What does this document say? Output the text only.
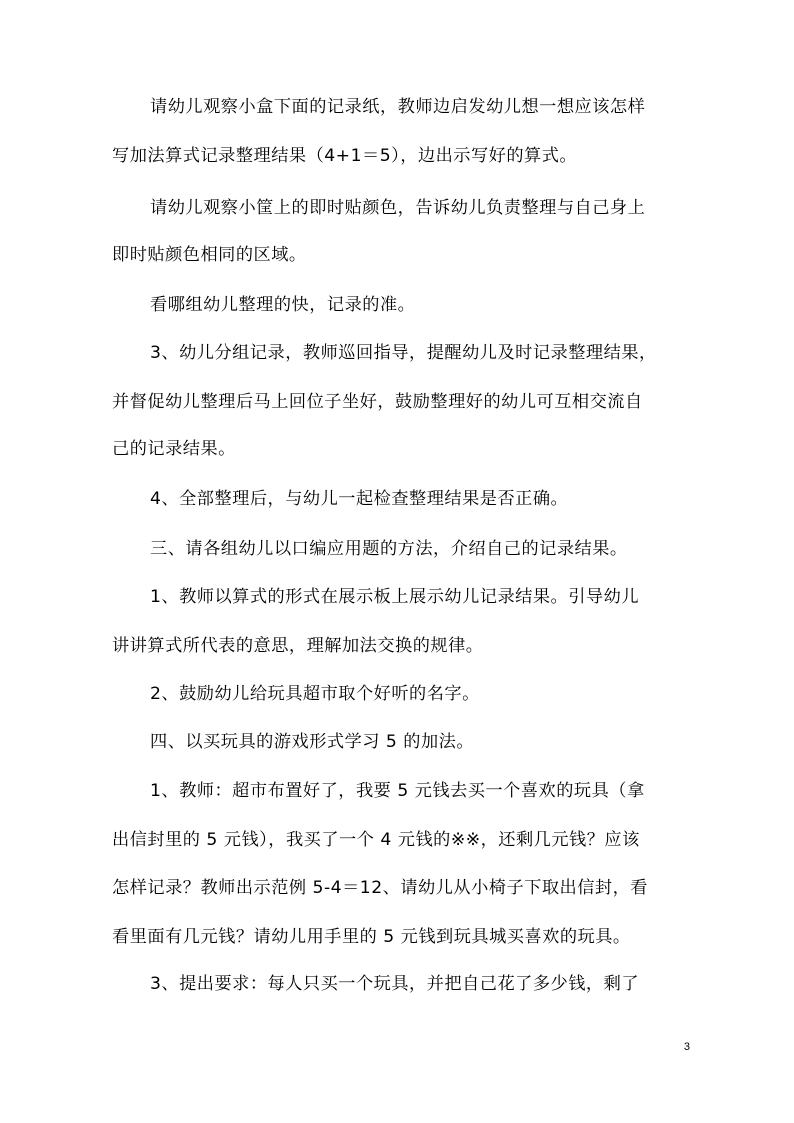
请幼儿观察小盒下面的记录纸，教师边启发幼儿想一想应该怎样

写加法算式记录整理结果（4+1＝5），边出示写好的算式。

请幼儿观察小筐上的即时贴颜色，告诉幼儿负责整理与自己身上

即时贴颜色相同的区域。

看哪组幼儿整理的快，记录的准。

3、幼儿分组记录，教师巡回指导，提醒幼儿及时记录整理结果，

并督促幼儿整理后马上回位子坐好，鼓励整理好的幼儿可互相交流自

己的记录结果。

4、全部整理后，与幼儿一起检查整理结果是否正确。

三、请各组幼儿以口编应用题的方法，介绍自己的记录结果。

1、教师以算式的形式在展示板上展示幼儿记录结果。引导幼儿

讲讲算式所代表的意思，理解加法交换的规律。

2、鼓励幼儿给玩具超市取个好听的名字。

四、以买玩具的游戏形式学习 5 的加法。

1、教师：超市布置好了，我要 5 元钱去买一个喜欢的玩具（拿

出信封里的 5 元钱），我买了一个 4 元钱的※※，还剩几元钱？应该

怎样记录？教师出示范例 5-4＝12、请幼儿从小椅子下取出信封，看

看里面有几元钱？请幼儿用手里的 5 元钱到玩具城买喜欢的玩具。

3、提出要求：每人只买一个玩具，并把自己花了多少钱，剩了

3
